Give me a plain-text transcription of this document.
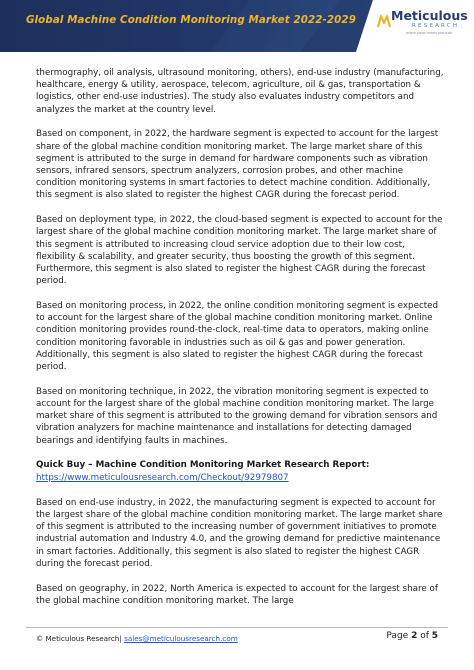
Global Machine Condition Monitoring Market 2022-2029	Meticulous
RESEARCH
where vision meets precision

thermography, oil analysis, ultrasound monitoring, others), end-use industry (manufacturing, healthcare, energy & utility, aerospace, telecom, agriculture, oil & gas, transportation & logistics, other end-use industries). The study also evaluates industry competitors and analyzes the market at the country level.

Based on component, in 2022, the hardware segment is expected to account for the largest share of the global machine condition monitoring market. The large market share of this segment is attributed to the surge in demand for hardware components such as vibration sensors, infrared sensors, spectrum analyzers, corrosion probes, and other machine condition monitoring systems in smart factories to detect machine condition. Additionally, this segment is also slated to register the highest CAGR during the forecast period.

Based on deployment type, in 2022, the cloud-based segment is expected to account for the largest share of the global machine condition monitoring market. The large market share of this segment is attributed to increasing cloud service adoption due to their low cost, flexibility & scalability, and greater security, thus boosting the growth of this segment. Furthermore, this segment is also slated to register the highest CAGR during the forecast period.

Based on monitoring process, in 2022, the online condition monitoring segment is expected to account for the largest share of the global machine condition monitoring market. Online condition monitoring provides round-the-clock, real-time data to operators, making online condition monitoring favorable in industries such as oil & gas and power generation. Additionally, this segment is also slated to register the highest CAGR during the forecast period.

Based on monitoring technique, in 2022, the vibration monitoring segment is expected to account for the largest share of the global machine condition monitoring market. The large market share of this segment is attributed to the growing demand for vibration sensors and vibration analyzers for machine maintenance and installations for detecting damaged bearings and identifying faults in machines.

Quick Buy – Machine Condition Monitoring Market Research Report: https://www.meticulousresearch.com/Checkout/92979807

Based on end-use industry, in 2022, the manufacturing segment is expected to account for the largest share of the global machine condition monitoring market. The large market share of this segment is attributed to the increasing number of government initiatives to promote industrial automation and Industry 4.0, and the growing demand for predictive maintenance in smart factories. Additionally, this segment is also slated to register the highest CAGR during the forecast period.

Based on geography, in 2022, North America is expected to account for the largest share of the global machine condition monitoring market. The large

© Meticulous Research| sales@meticulousresearch.com	Page 2 of 5
